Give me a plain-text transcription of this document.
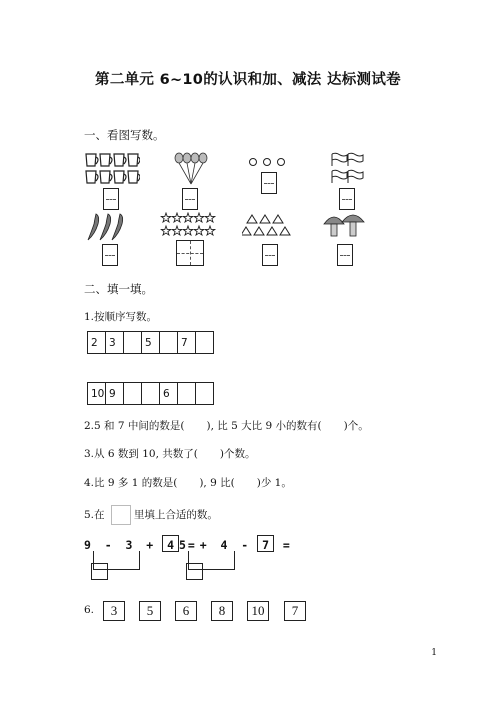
第二单元 6~10的认识和加、减法 达标测试卷
一、看图写数。
二、填一填。
1.按顺序写数。
2	3		5		7	
10	9			6		
2.5 和 7 中间的数是( ), 比 5 大比 9 小的数有( )个。
3.从 6 数到 10, 共数了( )个数。
4.比 9 多 1 的数是( ), 9 比( )少 1。
5.在	里填上合适的数。
9  -  3  +  4  =
5  +  4  -  7  =
6.	3	5	6	8	10	7
1
